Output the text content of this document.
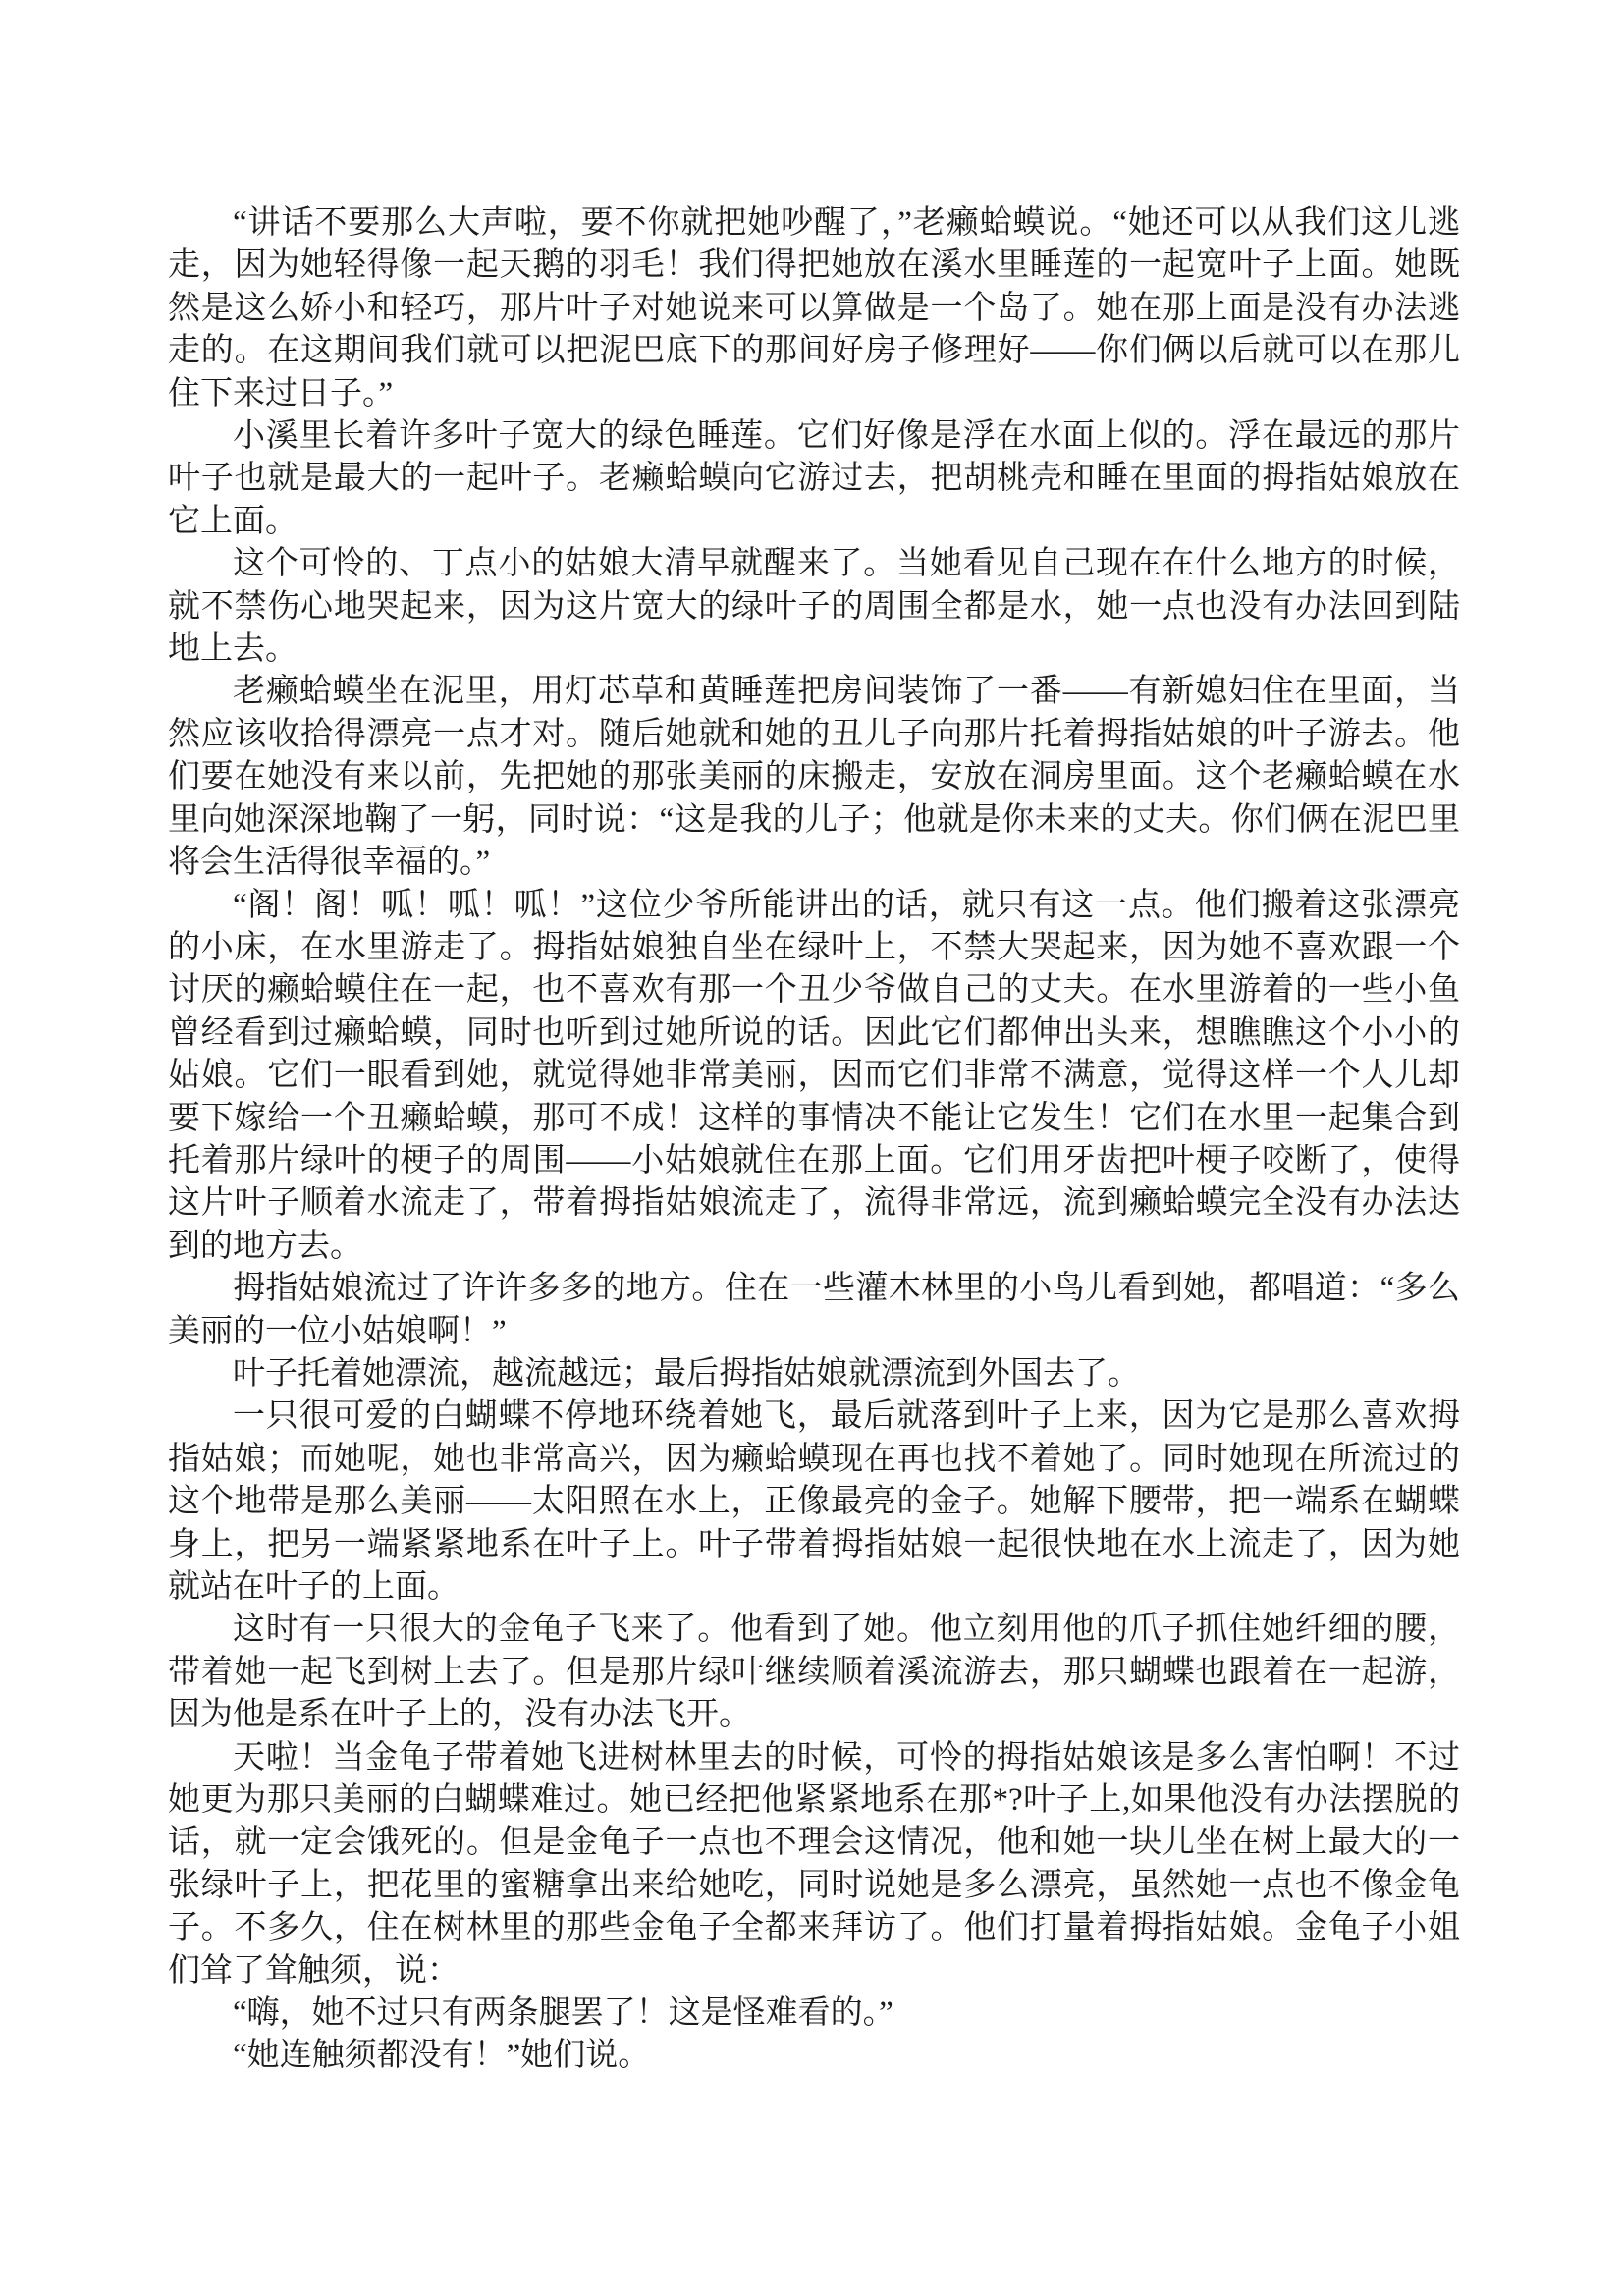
“讲话不要那么大声啦，要不你就把她吵醒了，”老癞蛤蟆说。“她还可以从我们这儿逃走，因为她轻得像一起天鹅的羽毛！我们得把她放在溪水里睡莲的一起宽叶子上面。她既然是这么娇小和轻巧，那片叶子对她说来可以算做是一个岛了。她在那上面是没有办法逃走的。在这期间我们就可以把泥巴底下的那间好房子修理好——你们俩以后就可以在那儿住下来过日子。”

小溪里长着许多叶子宽大的绿色睡莲。它们好像是浮在水面上似的。浮在最远的那片叶子也就是最大的一起叶子。老癞蛤蟆向它游过去，把胡桃壳和睡在里面的拇指姑娘放在它上面。

这个可怜的、丁点小的姑娘大清早就醒来了。当她看见自己现在在什么地方的时候，就不禁伤心地哭起来，因为这片宽大的绿叶子的周围全都是水，她一点也没有办法回到陆地上去。

老癞蛤蟆坐在泥里，用灯芯草和黄睡莲把房间装饰了一番——有新媳妇住在里面，当然应该收拾得漂亮一点才对。随后她就和她的丑儿子向那片托着拇指姑娘的叶子游去。他们要在她没有来以前，先把她的那张美丽的床搬走，安放在洞房里面。这个老癞蛤蟆在水里向她深深地鞠了一躬，同时说：“这是我的儿子；他就是你未来的丈夫。你们俩在泥巴里将会生活得很幸福的。”

“阁！阁！呱！呱！呱！”这位少爷所能讲出的话，就只有这一点。他们搬着这张漂亮的小床，在水里游走了。拇指姑娘独自坐在绿叶上，不禁大哭起来，因为她不喜欢跟一个讨厌的癞蛤蟆住在一起，也不喜欢有那一个丑少爷做自己的丈夫。在水里游着的一些小鱼曾经看到过癞蛤蟆，同时也听到过她所说的话。因此它们都伸出头来，想瞧瞧这个小小的姑娘。它们一眼看到她，就觉得她非常美丽，因而它们非常不满意，觉得这样一个人儿却要下嫁给一个丑癞蛤蟆，那可不成！这样的事情决不能让它发生！它们在水里一起集合到托着那片绿叶的梗子的周围——小姑娘就住在那上面。它们用牙齿把叶梗子咬断了，使得这片叶子顺着水流走了，带着拇指姑娘流走了，流得非常远，流到癞蛤蟆完全没有办法达到的地方去。

拇指姑娘流过了许许多多的地方。住在一些灌木林里的小鸟儿看到她，都唱道：“多么美丽的一位小姑娘啊！”

叶子托着她漂流，越流越远；最后拇指姑娘就漂流到外国去了。

一只很可爱的白蝴蝶不停地环绕着她飞，最后就落到叶子上来，因为它是那么喜欢拇指姑娘；而她呢，她也非常高兴，因为癞蛤蟆现在再也找不着她了。同时她现在所流过的这个地带是那么美丽——太阳照在水上，正像最亮的金子。她解下腰带，把一端系在蝴蝶身上，把另一端紧紧地系在叶子上。叶子带着拇指姑娘一起很快地在水上流走了，因为她就站在叶子的上面。

这时有一只很大的金龟子飞来了。他看到了她。他立刻用他的爪子抓住她纤细的腰，带着她一起飞到树上去了。但是那片绿叶继续顺着溪流游去，那只蝴蝶也跟着在一起游，因为他是系在叶子上的，没有办法飞开。

天啦！当金龟子带着她飞进树林里去的时候，可怜的拇指姑娘该是多么害怕啊！不过她更为那只美丽的白蝴蝶难过。她已经把他紧紧地系在那*?叶子上,如果他没有办法摆脱的话，就一定会饿死的。但是金龟子一点也不理会这情况，他和她一块儿坐在树上最大的一张绿叶子上，把花里的蜜糖拿出来给她吃，同时说她是多么漂亮，虽然她一点也不像金龟子。不多久，住在树林里的那些金龟子全都来拜访了。他们打量着拇指姑娘。金龟子小姐们耸了耸触须，说：

“嗨，她不过只有两条腿罢了！这是怪难看的。”

“她连触须都没有！”她们说。
